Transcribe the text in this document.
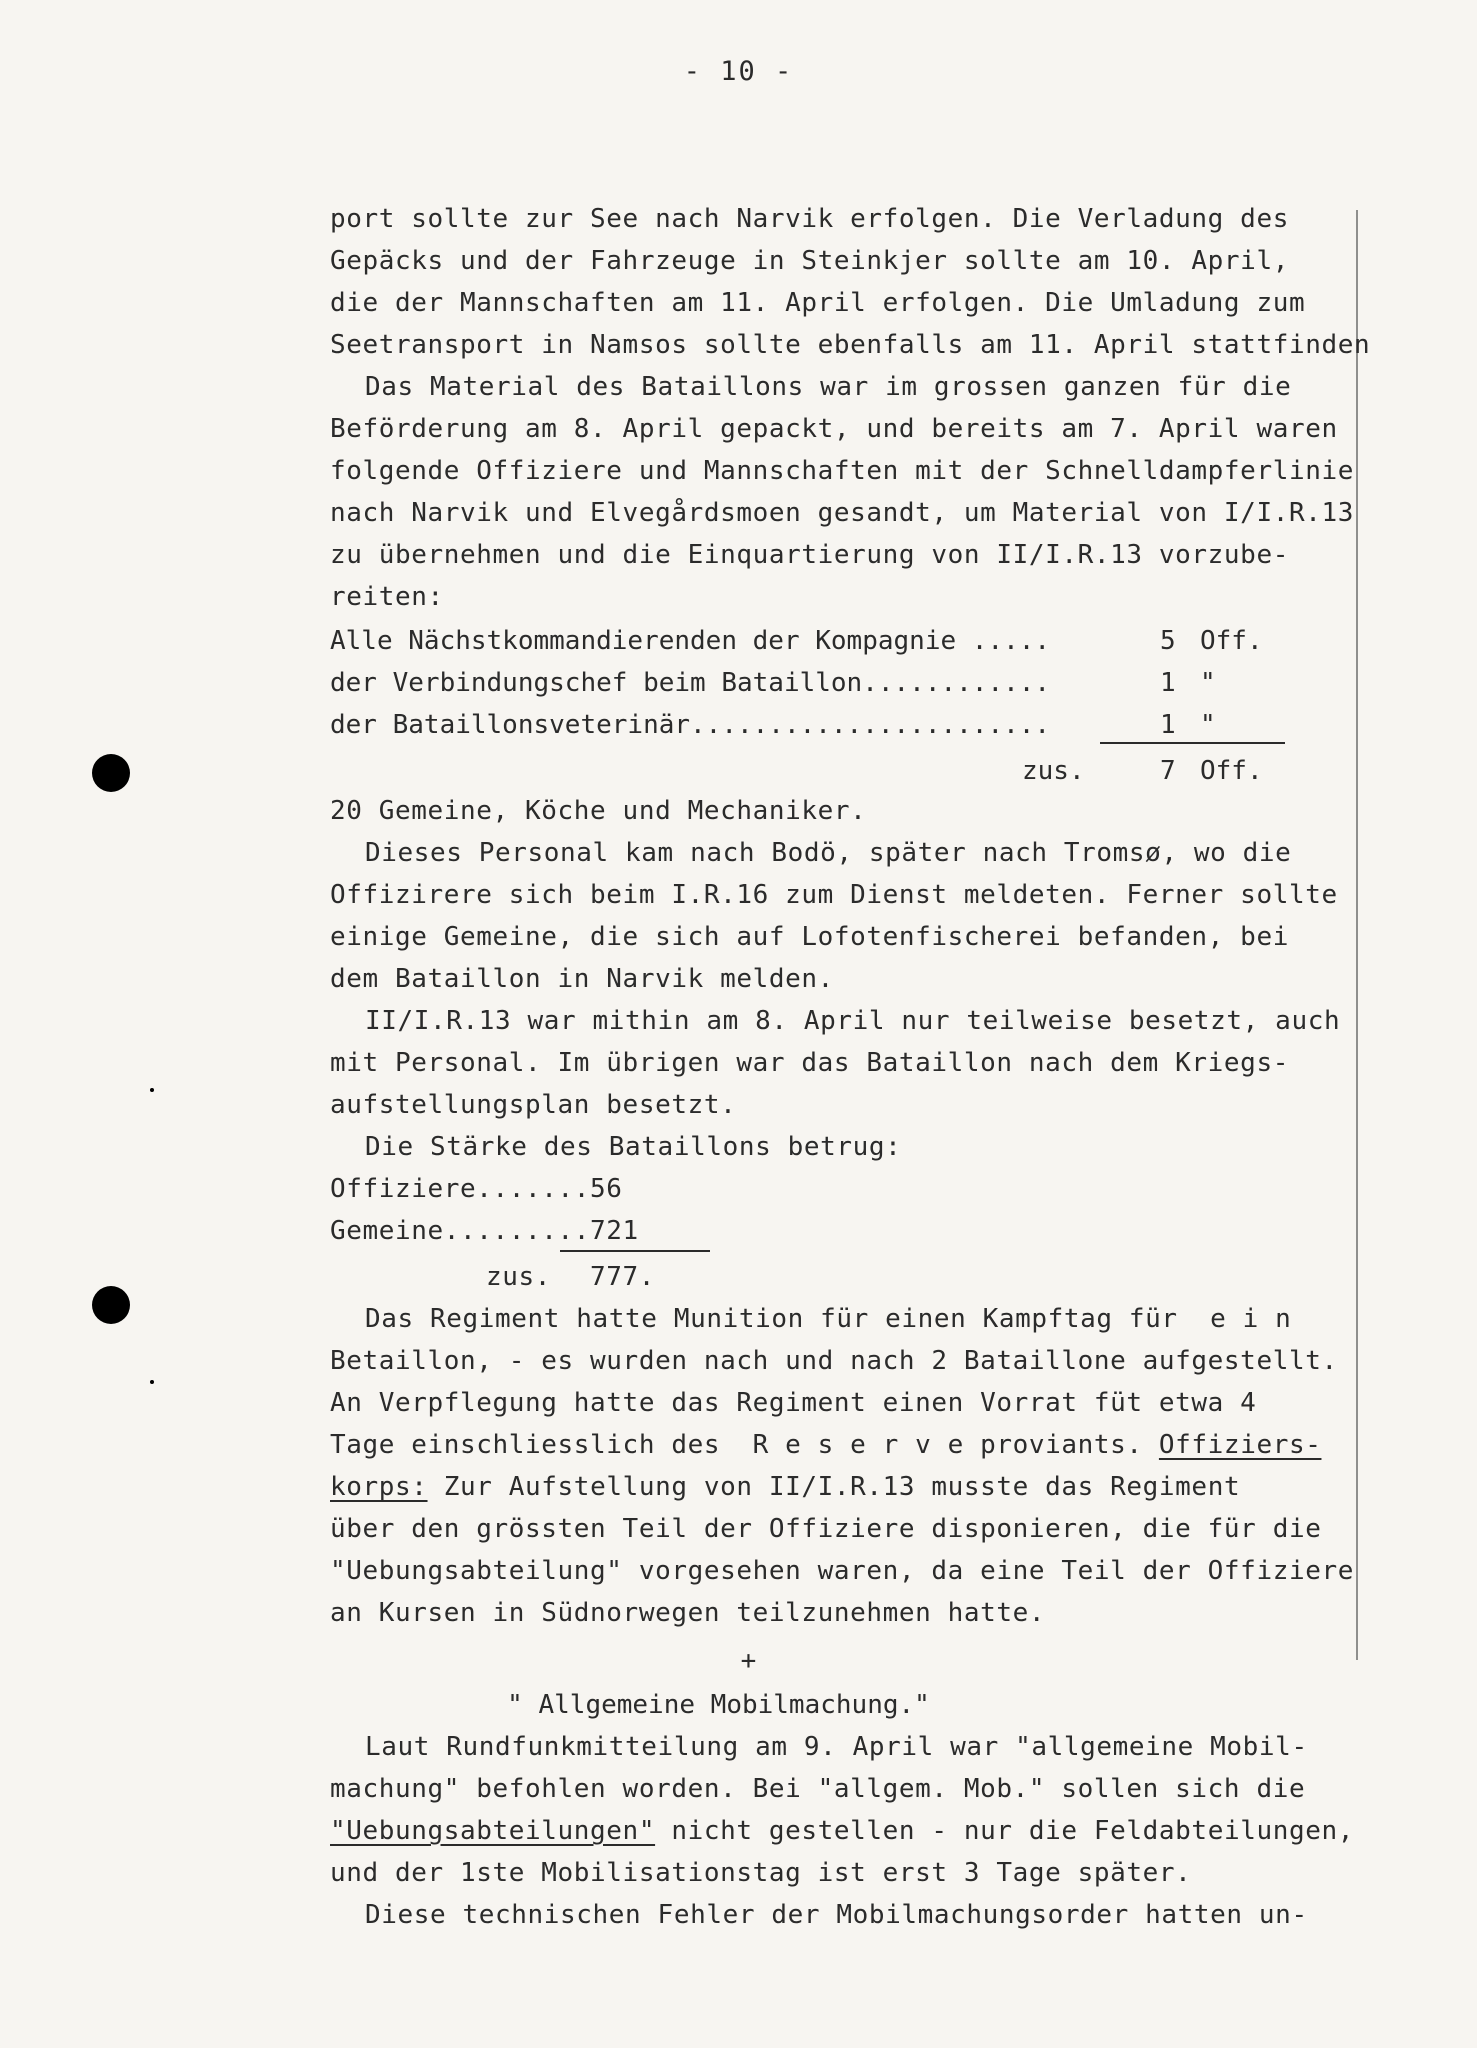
- 10 -
port sollte zur See nach Narvik erfolgen. Die Verladung des
Gepäcks und der Fahrzeuge in Steinkjer sollte am 10. April,
die der Mannschaften am 11. April erfolgen. Die Umladung zum
Seetransport in Namsos sollte ebenfalls am 11. April stattfinden
Das Material des Bataillons war im grossen ganzen für die
Beförderung am 8. April gepackt, und bereits am 7. April waren
folgende Offiziere und Mannschaften mit der Schnelldampferlinie
nach Narvik und Elvegårdsmoen gesandt, um Material von I/I.R.13
zu übernehmen und die Einquartierung von II/I.R.13 vorzube-
reiten:
Alle Nächstkommandierenden der Kompagnie .....	5 Off.
der Verbindungschef beim Bataillon............	1 "
der Bataillonsveterinär.......................	1 "
zus.	7 Off.
20 Gemeine, Köche und Mechaniker.
Dieses Personal kam nach Bodö, später nach Tromsø, wo die
Offizirere sich beim I.R.16 zum Dienst meldeten. Ferner sollte
einige Gemeine, die sich auf Lofotenfischerei befanden, bei
dem Bataillon in Narvik melden.
II/I.R.13 war mithin am 8. April nur teilweise besetzt, auch
mit Personal. Im übrigen war das Bataillon nach dem Kriegs-
aufstellungsplan besetzt.
Die Stärke des Bataillons betrug:
Offiziere....... 56
Gemeine......... 721
zus. 777.
Das Regiment hatte Munition für einen Kampftag für  e i n
Betaillon, - es wurden nach und nach 2 Bataillone aufgestellt.
An Verpflegung hatte das Regiment einen Vorrat füt etwa 4
Tage einschliesslich des  R e s e r v e proviants. Offiziers-
korps: Zur Aufstellung von II/I.R.13 musste das Regiment
über den grössten Teil der Offiziere disponieren, die für die
"Uebungsabteilung" vorgesehen waren, da eine Teil der Offiziere
an Kursen in Südnorwegen teilzunehmen hatte.
+
" Allgemeine Mobilmachung."
Laut Rundfunkmitteilung am 9. April war "allgemeine Mobil-
machung" befohlen worden. Bei "allgem. Mob." sollen sich die
"Uebungsabteilungen" nicht gestellen - nur die Feldabteilungen,
und der 1ste Mobilisationstag ist erst 3 Tage später.
Diese technischen Fehler der Mobilmachungsorder hatten un-
